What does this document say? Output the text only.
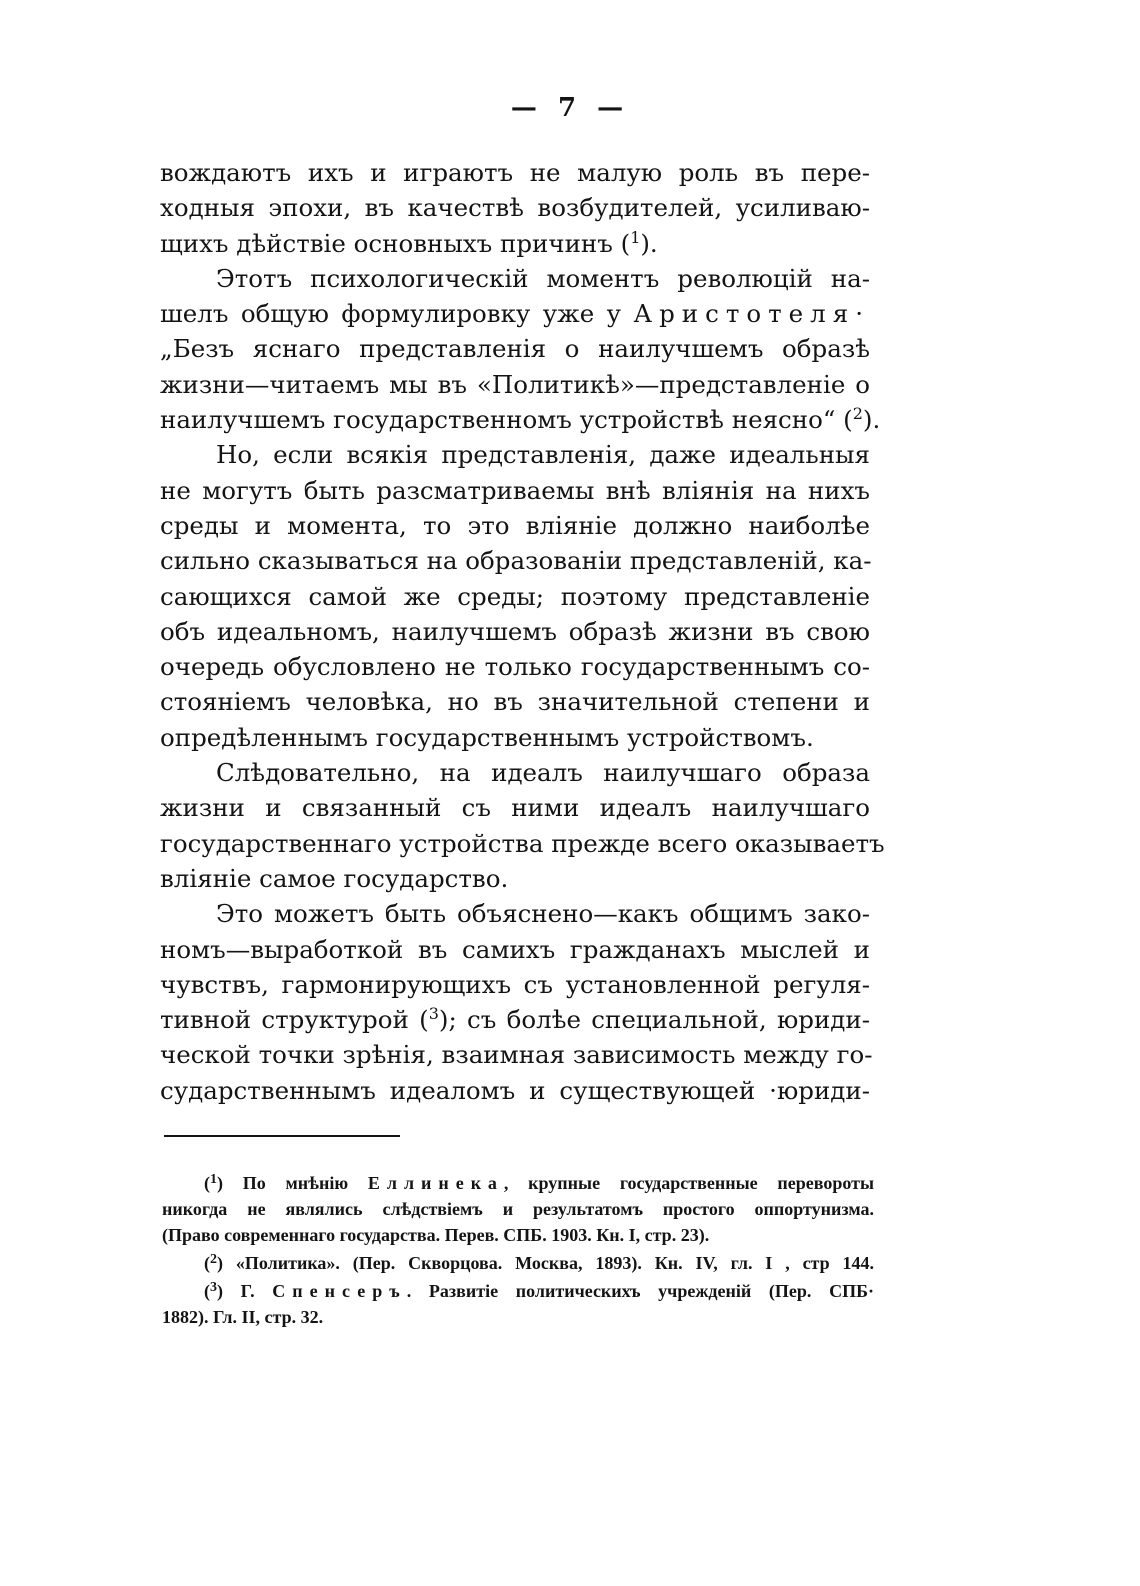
— 7 —
вождаютъ ихъ и играютъ не малую роль въ пере-
ходныя эпохи, въ качествѣ возбудителей, усиливаю-
щихъ дѣйствіе основныхъ причинъ ($^1$).
Этотъ психологическій моментъ революцій на-
шелъ общую формулировку уже у Аристотеля·
„Безъ яснаго представленія о наилучшемъ образѣ
жизни—читаемъ мы въ «Политикѣ»—представленіе о
наилучшемъ государственномъ устройствѣ неясно“ ($^2$).
Но, если всякія представленія, даже идеальныя
не могутъ быть разсматриваемы внѣ вліянія на нихъ
среды и момента, то это вліяніе должно наиболѣе
сильно сказываться на образованіи представленій, ка-
сающихся самой же среды; поэтому представленіе
объ идеальномъ, наилучшемъ образѣ жизни въ свою
очередь обусловлено не только государственнымъ со-
стояніемъ человѣка, но въ значительной степени и
опредѣленнымъ государственнымъ устройствомъ.
Слѣдовательно, на идеалъ наилучшаго образа
жизни и связанный съ ними идеалъ наилучшаго
государственнаго устройства прежде всего оказываетъ
вліяніе самое государство.
Это можетъ быть объяснено—какъ общимъ зако-
номъ—выработкой въ самихъ гражданахъ мыслей и
чувствъ, гармонирующихъ съ установленной регуля-
тивной структурой ($^3$); съ болѣе специальной, юриди-
ческой точки зрѣнія, взаимная зависимость между го-
сударственнымъ идеаломъ и существующей ·юриди-
($^1$) По мнѣнію Еллинека, крупные государственные перевороты
никогда не являлись слѣдствіемъ и результатомъ простого оппортунизма.
(Право современнаго государства. Перев. СПБ. 1903. Кн. I, стр. 23).
($^2$) «Политика». (Пер. Скворцова. Москва, 1893). Кн. IV, гл. I , стр 144.
($^3$) Г. Спенсеръ. Развитіе политическихъ учрежденій (Пер. СПБ·
1882). Гл. II, стр. 32.
